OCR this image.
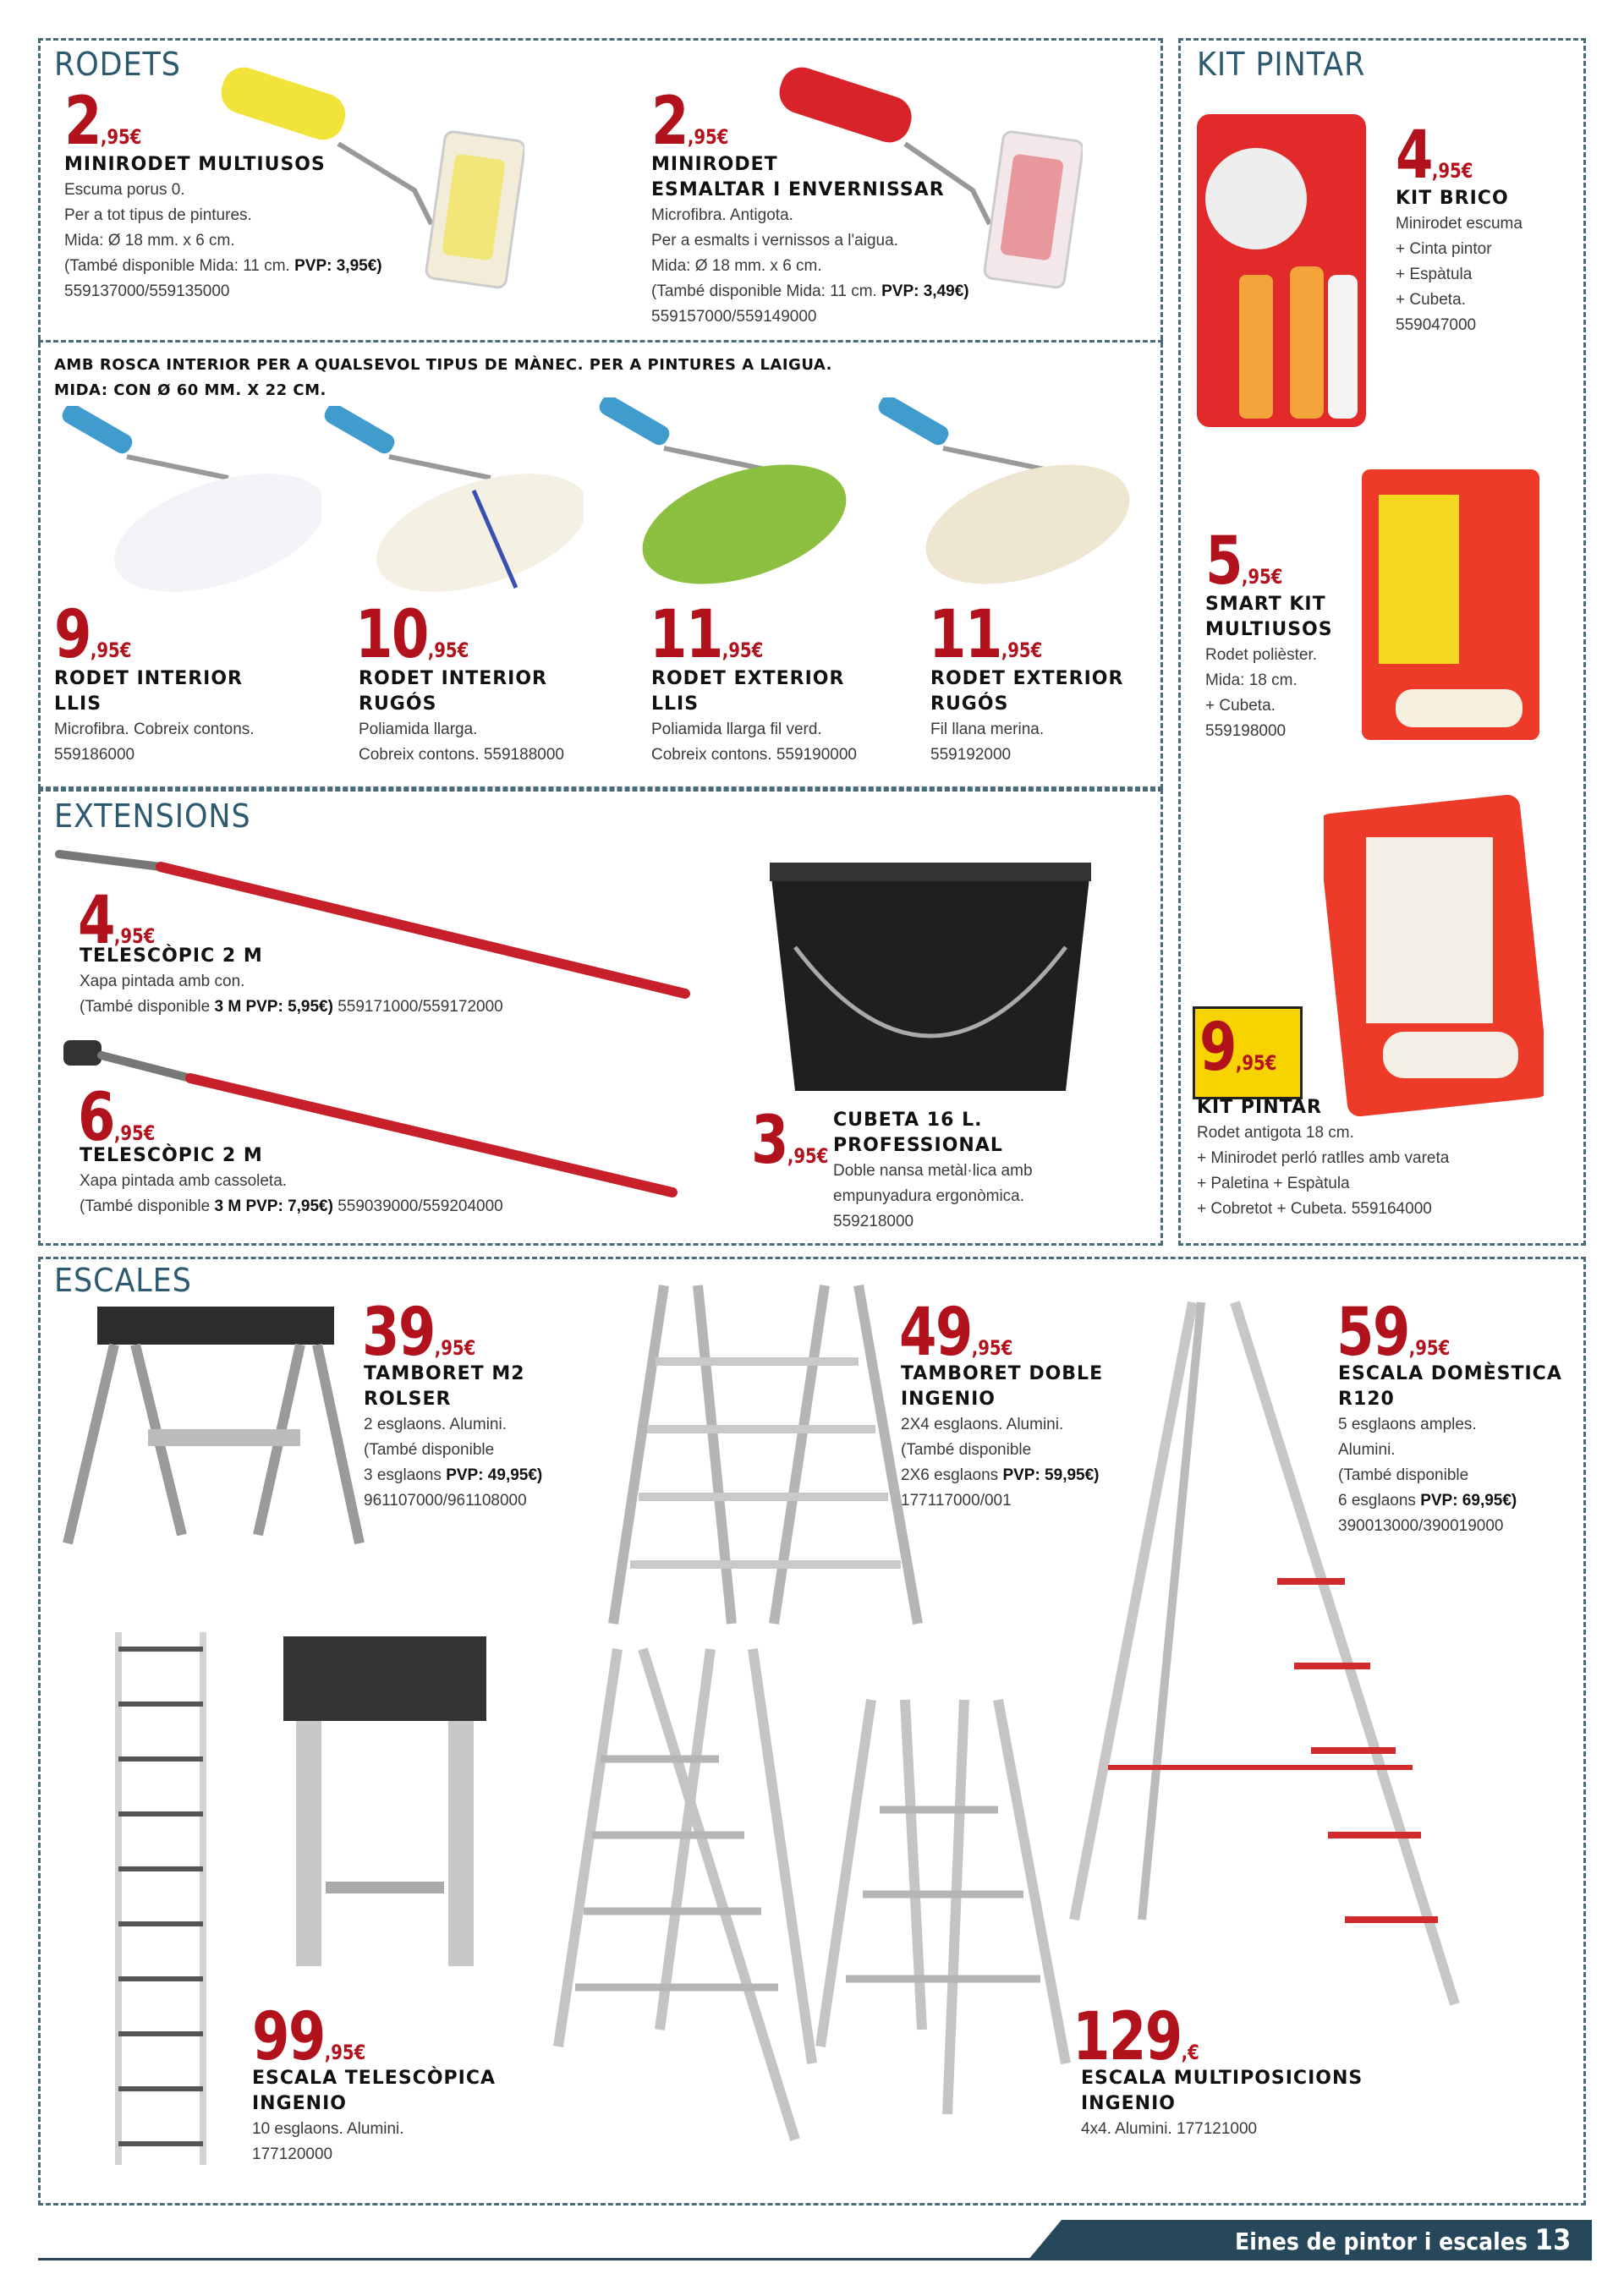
RODETS	KIT PINTAR
EXTENSIONS
ESCALES
2,95€
MINIRODET MULTIUSOS
Escuma porus 0.
Per a tot tipus de pintures.
Mida: Ø 18 mm. x 6 cm.
(També disponible Mida: 11 cm. PVP: 3,95€)
559137000/559135000
2,95€
MINIRODET
ESMALTAR I ENVERNISSAR
Microfibra. Antigota.
Per a esmalts i vernissos a l'aigua.
Mida: Ø 18 mm. x 6 cm.
(També disponible Mida: 11 cm. PVP: 3,49€)
559157000/559149000
AMB ROSCA INTERIOR PER A QUALSEVOL TIPUS DE MÀNEC. PER A PINTURES A LAIGUA.
MIDA: CON Ø 60 MM. X 22 CM.
9,95€
RODET INTERIOR
LLIS
Microfibra. Cobreix contons.
559186000
10,95€
RODET INTERIOR
RUGÓS
Poliamida llarga.
Cobreix contons. 559188000
11,95€
RODET EXTERIOR
LLIS
Poliamida llarga fil verd.
Cobreix contons. 559190000
11,95€
RODET EXTERIOR
RUGÓS
Fil llana merina.
559192000
4,95€
KIT BRICO
Minirodet escuma
+ Cinta pintor
+ Espàtula
+ Cubeta.
559047000
5,95€
SMART KIT
MULTIUSOS
Rodet polièster.
Mida: 18 cm.
+ Cubeta.
559198000
9,95€
KIT PINTAR
Rodet antigota 18 cm.
+ Minirodet perló ratlles amb vareta
+ Paletina + Espàtula
+ Cobretot + Cubeta. 559164000
4,95€
TELESCÒPIC 2 M
Xapa pintada amb con.
(També disponible 3 M PVP: 5,95€) 559171000/559172000
6,95€
TELESCÒPIC 2 M
Xapa pintada amb cassoleta.
(També disponible 3 M PVP: 7,95€) 559039000/559204000
3,95€
CUBETA 16 L. PROFESSIONAL
Doble nansa metàl·lica amb
empunyadura ergonòmica.
559218000
39,95€
TAMBORET M2 ROLSER
2 esglaons. Alumini.
(També disponible
3 esglaons PVP: 49,95€)
961107000/961108000
49,95€
TAMBORET DOBLE
INGENIO
2X4 esglaons. Alumini.
(També disponible
2X6 esglaons PVP: 59,95€)
177117000/001
59,95€
ESCALA DOMÈSTICA
R120
5 esglaons amples.
Alumini.
(També disponible
6 esglaons PVP: 69,95€)
390013000/390019000
99,95€
ESCALA TELESCÒPICA
INGENIO
10 esglaons. Alumini.
177120000
129,€
ESCALA MULTIPOSICIONS
INGENIO
4x4. Alumini. 177121000
Eines de pintor i escales 13
